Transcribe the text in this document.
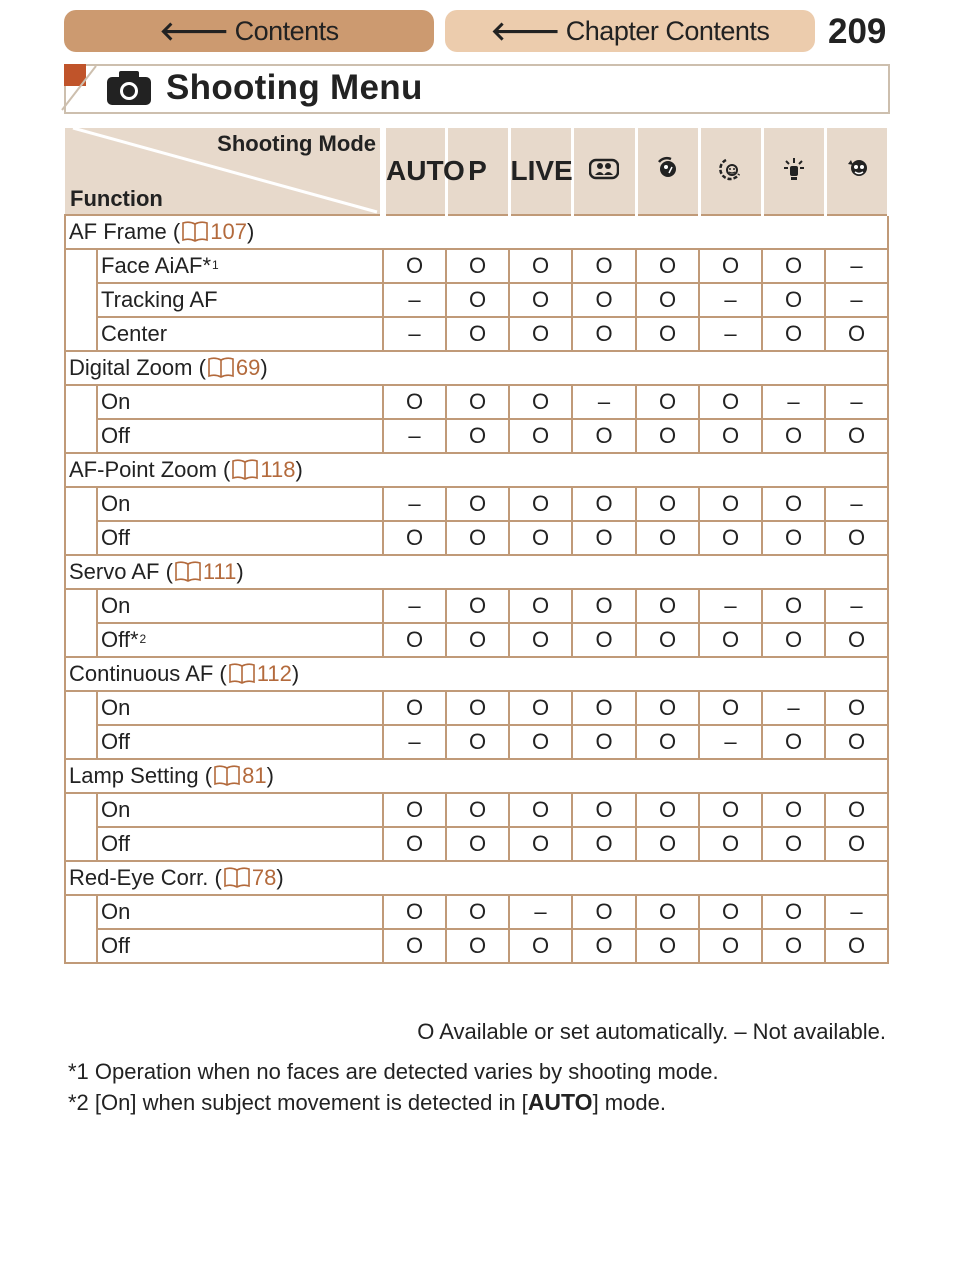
🡐 Contents	🡐 Chapter Contents 209
Shooting Menu
Shooting Mode
Function		AUTO	P	LIVE					
AF Frame ( 107)									
	Face AiAF*$^1$	O	O	O	O	O	O	O	–
	Tracking AF	–	O	O	O	O	–	O	–
	Center	–	O	O	O	O	–	O	O
Digital Zoom ( 69)									
	On	O	O	O	–	O	O	–	–
	Off	–	O	O	O	O	O	O	O
AF-Point Zoom ( 118)									
	On	–	O	O	O	O	O	O	–
	Off	O	O	O	O	O	O	O	O
Servo AF ( 111)									
	On	–	O	O	O	O	–	O	–
	Off*$^2$	O	O	O	O	O	O	O	O
Continuous AF ( 112)									
	On	O	O	O	O	O	O	–	O
	Off	–	O	O	O	O	–	O	O
Lamp Setting ( 81)									
	On	O	O	O	O	O	O	O	O
	Off	O	O	O	O	O	O	O	O
Red-Eye Corr. ( 78)									
	On	O	O	–	O	O	O	O	–
	Off	O	O	O	O	O	O	O	O
O Available or set automatically. – Not available.
*1 Operation when no faces are detected varies by shooting mode.
*2 [On] when subject movement is detected in [AUTO] mode.
